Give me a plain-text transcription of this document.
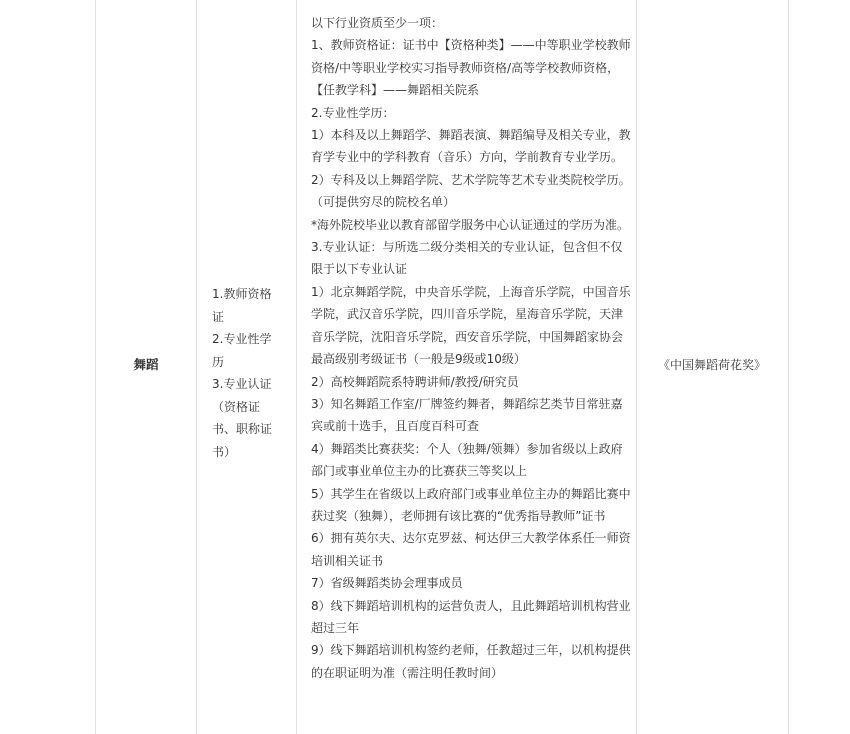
舞蹈
1.教师资格证
2.专业性学历
3.专业认证（资格证书、职称证书）

以下行业资质至少一项：

1、教师资格证：证书中【资格种类】——中等职业学校教师资格/中等职业学校实习指导教师资格/高等学校教师资格，【任教学科】——舞蹈相关院系

2.专业性学历：

1）本科及以上舞蹈学、舞蹈表演、舞蹈编导及相关专业，教育学专业中的学科教育（音乐）方向，学前教育专业学历。

2）专科及以上舞蹈学院、艺术学院等艺术专业类院校学历。（可提供穷尽的院校名单）

*海外院校毕业以教育部留学服务中心认证通过的学历为准。

3.专业认证：与所选二级分类相关的专业认证，包含但不仅限于以下专业认证

1）北京舞蹈学院，中央音乐学院，上海音乐学院，中国音乐学院，武汉音乐学院，四川音乐学院，星海音乐学院，天津音乐学院，沈阳音乐学院，西安音乐学院，中国舞蹈家协会最高级别考级证书（一般是9级或10级）

2）高校舞蹈院系特聘讲师/教授/研究员

3）知名舞蹈工作室/厂牌签约舞者，舞蹈综艺类节目常驻嘉宾或前十选手，且百度百科可查

4）舞蹈类比赛获奖：个人（独舞/领舞）参加省级以上政府部门或事业单位主办的比赛获三等奖以上

5）其学生在省级以上政府部门或事业单位主办的舞蹈比赛中获过奖（独舞），老师拥有该比赛的“优秀指导教师”证书

6）拥有英尔夫、达尔克罗兹、柯达伊三大教学体系任一师资培训相关证书

7）省级舞蹈类协会理事成员

8）线下舞蹈培训机构的运营负责人，且此舞蹈培训机构营业超过三年

9）线下舞蹈培训机构签约老师，任教超过三年，以机构提供的在职证明为准（需注明任教时间）

《中国舞蹈荷花奖》
